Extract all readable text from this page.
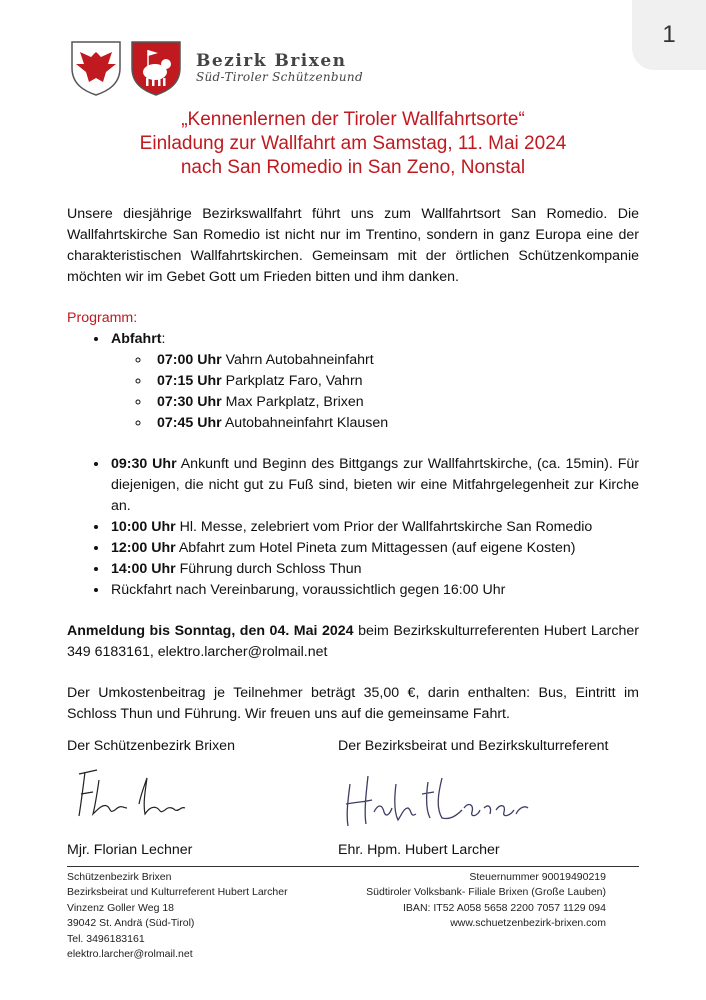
1
Bezirk Brixen
Süd-Tiroler Schützenbund
„Kennenlernen der Tiroler Wallfahrtsorte“
Einladung zur Wallfahrt am Samstag, 11. Mai 2024
nach San Romedio in San Zeno, Nonstal

Unsere diesjährige Bezirkswallfahrt führt uns zum Wallfahrtsort San Romedio. Die Wallfahrtskirche San Romedio ist nicht nur im Trentino, sondern in ganz Europa eine der charakteristischen Wallfahrtskirchen. Gemeinsam mit der örtlichen Schützenkompanie möchten wir im Gebet Gott um Frieden bitten und ihm danken.

Programm:
• Abfahrt:
◦ 07:00 Uhr Vahrn Autobahneinfahrt
◦ 07:15 Uhr Parkplatz Faro, Vahrn
◦ 07:30 Uhr Max Parkplatz, Brixen
◦ 07:45 Uhr Autobahneinfahrt Klausen

• 09:30 Uhr Ankunft und Beginn des Bittgangs zur Wallfahrtskirche, (ca. 15min). Für diejenigen, die nicht gut zu Fuß sind, bieten wir eine Mitfahrgelegenheit zur Kirche an.

• 10:00 Uhr Hl. Messe, zelebriert vom Prior der Wallfahrtskirche San Romedio
• 12:00 Uhr Abfahrt zum Hotel Pineta zum Mittagessen (auf eigene Kosten)
• 14:00 Uhr Führung durch Schloss Thun
• Rückfahrt nach Vereinbarung, voraussichtlich gegen 16:00 Uhr

Anmeldung bis Sonntag, den 04. Mai 2024 beim Bezirkskulturreferenten Hubert Larcher 349 6183161, elektro.larcher@rolmail.net

Der Umkostenbeitrag je Teilnehmer beträgt 35,00 €, darin enthalten: Bus, Eintritt im Schloss Thun und Führung. Wir freuen uns auf die gemeinsame Fahrt.

Der Schützenbezirk Brixen
Mjr. Florian Lechner
Der Bezirksbeirat und Bezirkskulturreferent
Ehr. Hpm. Hubert Larcher
Schützenbezirk Brixen
Bezirksbeirat und Kulturreferent Hubert Larcher
Vinzenz Goller Weg 18
39042 St. Andrä (Süd-Tirol)
Tel. 3496183161
elektro.larcher@rolmail.net
Steuernummer 90019490219
Südtiroler Volksbank- Filiale Brixen (Große Lauben)
IBAN: IT52 A058 5658 2200 7057 1129 094
www.schuetzenbezirk-brixen.com
